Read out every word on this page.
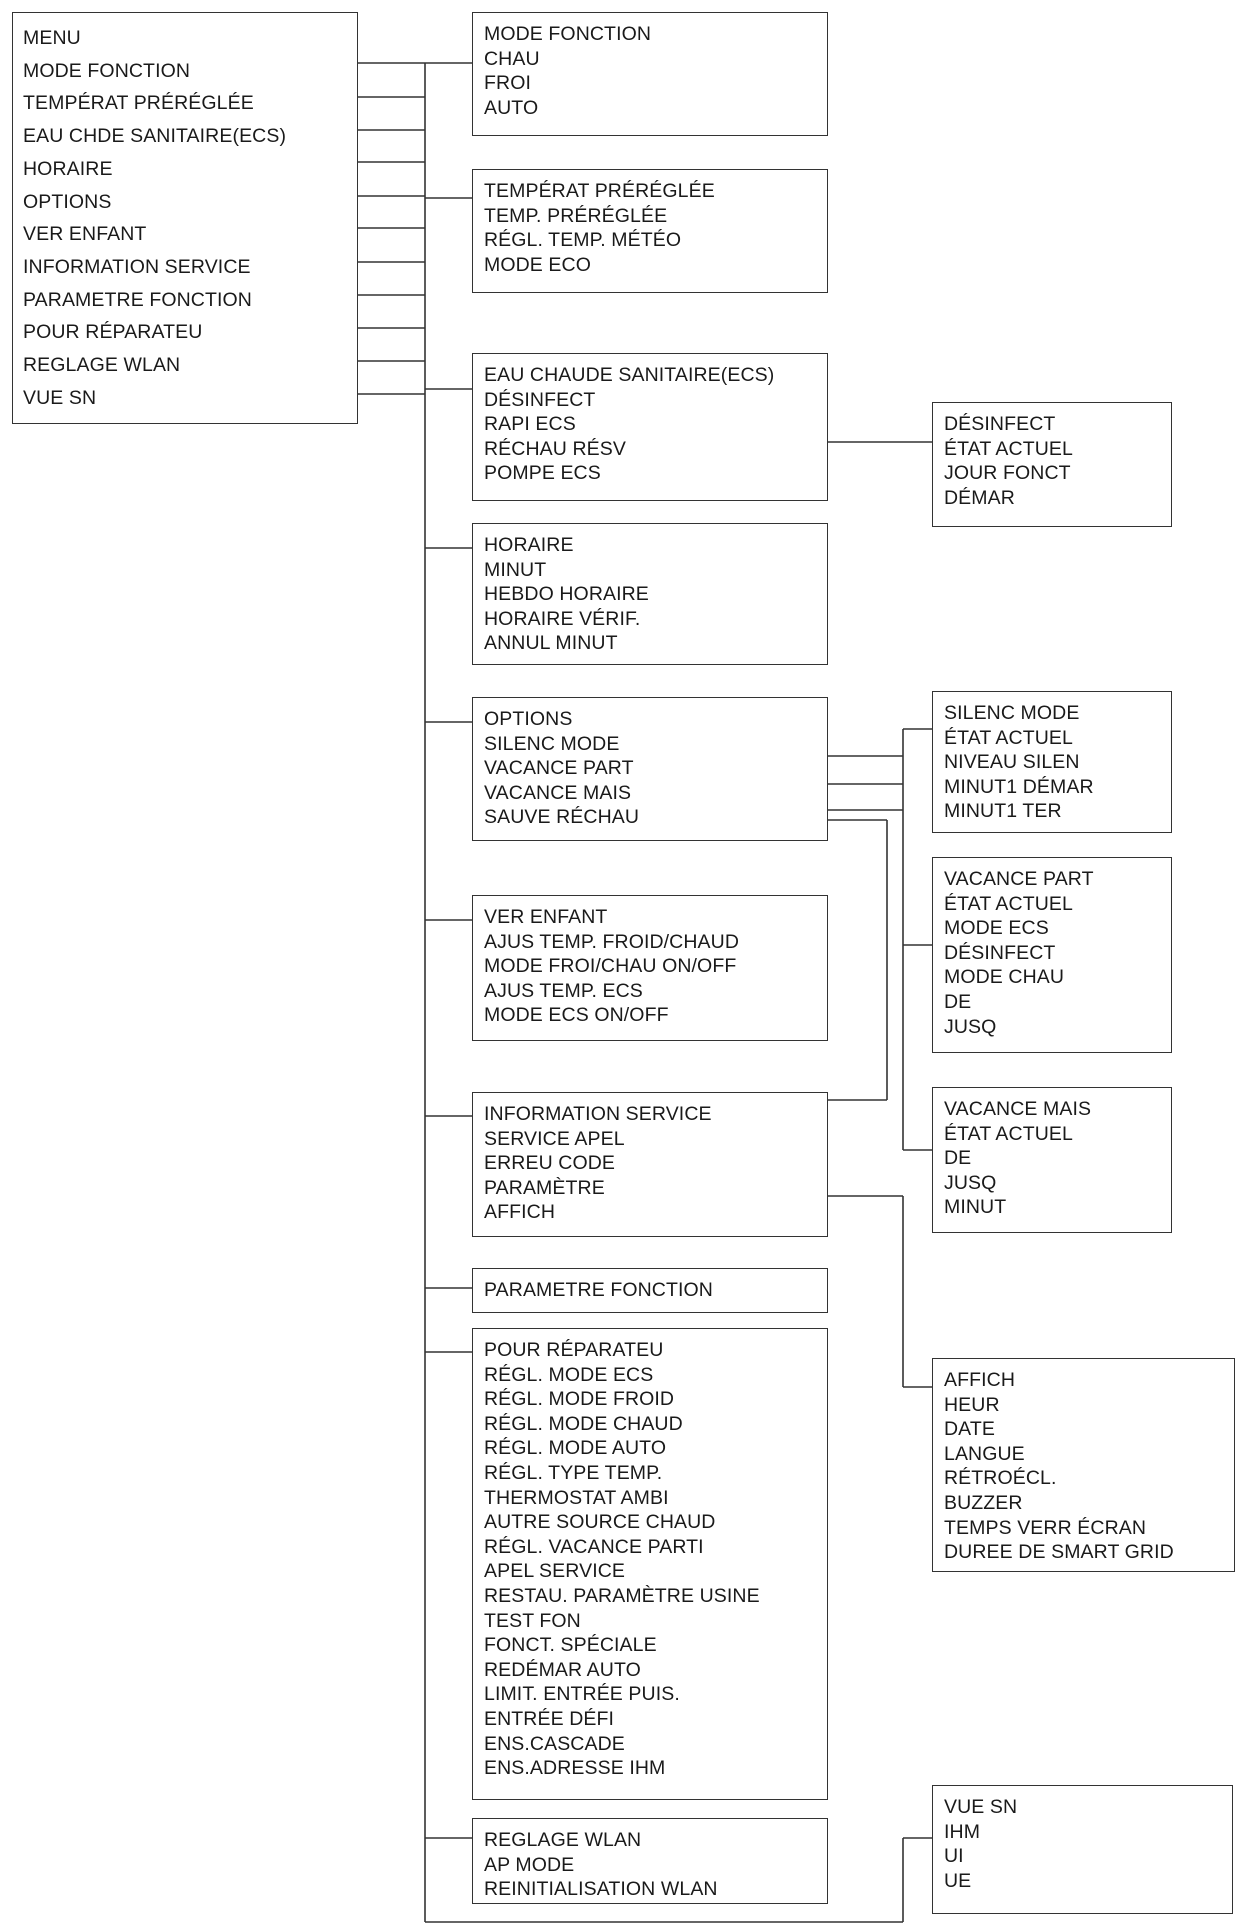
MENU
MODE FONCTION
TEMPÉRAT PRÉRÉGLÉE
EAU CHDE SANITAIRE(ECS)
HORAIRE
OPTIONS
VER ENFANT
INFORMATION SERVICE
PARAMETRE FONCTION
POUR RÉPARATEU
REGLAGE WLAN
VUE SN
MODE FONCTION
CHAU
FROI
AUTO
TEMPÉRAT PRÉRÉGLÉE
TEMP. PRÉRÉGLÉE
RÉGL. TEMP. MÉTÉO
MODE ECO
EAU CHAUDE SANITAIRE(ECS)
DÉSINFECT
RAPI ECS
RÉCHAU RÉSV
POMPE ECS
HORAIRE
MINUT
HEBDO HORAIRE
HORAIRE VÉRIF.
ANNUL MINUT
OPTIONS
SILENC MODE
VACANCE PART
VACANCE MAIS
SAUVE RÉCHAU
VER ENFANT
AJUS TEMP. FROID/CHAUD
MODE FROI/CHAU ON/OFF
AJUS TEMP. ECS
MODE ECS ON/OFF
INFORMATION SERVICE
SERVICE APEL
ERREU CODE
PARAMÈTRE
AFFICH
PARAMETRE FONCTION
POUR RÉPARATEU
RÉGL. MODE ECS
RÉGL. MODE FROID
RÉGL. MODE CHAUD
RÉGL. MODE AUTO
RÉGL. TYPE TEMP.
THERMOSTAT AMBI
AUTRE SOURCE CHAUD
RÉGL. VACANCE PARTI
APEL SERVICE
RESTAU. PARAMÈTRE USINE
TEST FON
FONCT. SPÉCIALE
REDÉMAR AUTO
LIMIT. ENTRÉE PUIS.
ENTRÉE DÉFI
ENS.CASCADE
ENS.ADRESSE IHM
REGLAGE WLAN
AP MODE
REINITIALISATION WLAN
DÉSINFECT
ÉTAT ACTUEL
JOUR FONCT
DÉMAR
SILENC MODE
ÉTAT ACTUEL
NIVEAU SILEN
MINUT1 DÉMAR
MINUT1 TER
VACANCE PART
ÉTAT ACTUEL
MODE ECS
DÉSINFECT
MODE CHAU
DE
JUSQ
VACANCE MAIS
ÉTAT ACTUEL
DE
JUSQ
MINUT
AFFICH
HEUR
DATE
LANGUE
RÉTROÉCL.
BUZZER
TEMPS VERR ÉCRAN
DUREE DE SMART GRID
VUE SN
IHM
UI
UE
